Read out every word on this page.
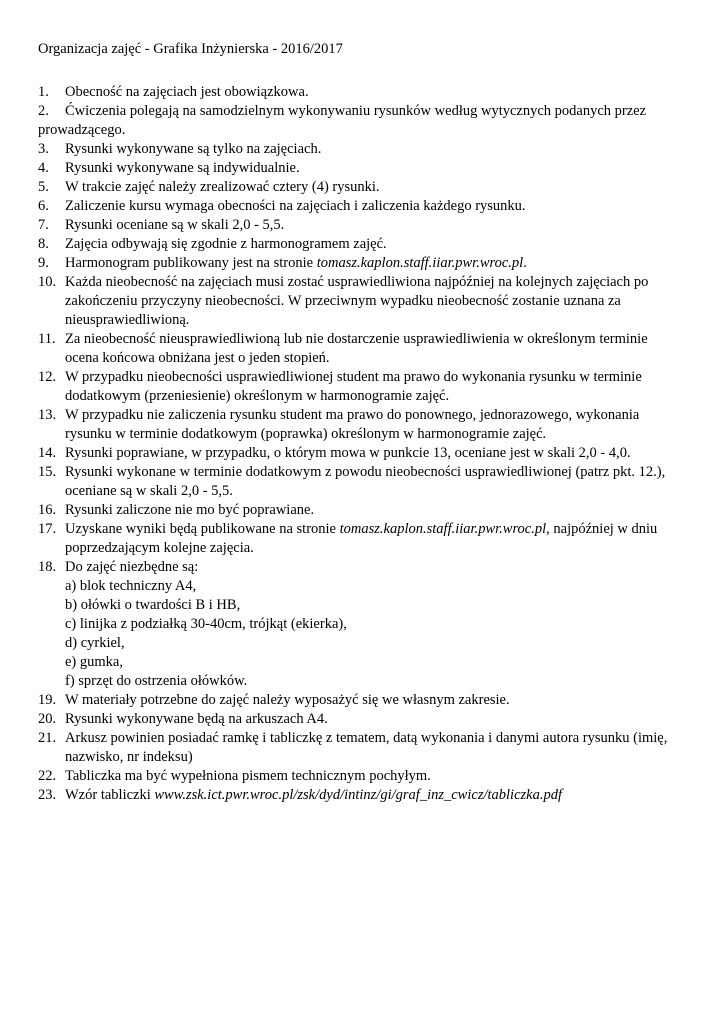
Organizacja zajęć - Grafika Inżynierska - 2016/2017
1. Obecność na zajęciach jest obowiązkowa.
2. Ćwiczenia polegają na samodzielnym wykonywaniu rysunków według wytycznych podanych przez
prowadzącego.
3. Rysunki wykonywane są tylko na zajęciach.
4. Rysunki wykonywane są indywidualnie.
5. W trakcie zajęć należy zrealizować cztery (4) rysunki.
6. Zaliczenie kursu wymaga obecności na zajęciach i zaliczenia każdego rysunku.
7. Rysunki oceniane są w skali 2,0 - 5,5.
8. Zajęcia odbywają się zgodnie z harmonogramem zajęć.
9. Harmonogram publikowany jest na stronie tomasz.kaplon.staff.iiar.pwr.wroc.pl.
10. Każda nieobecność na zajęciach musi zostać usprawiedliwiona najpóźniej na kolejnych zajęciach po
zakończeniu przyczyny nieobecności. W przeciwnym wypadku nieobecność zostanie uznana za
nieusprawiedliwioną.
11. Za nieobecność nieusprawiedliwioną lub nie dostarczenie usprawiedliwienia w określonym terminie
ocena końcowa obniżana jest o jeden stopień.
12. W przypadku nieobecności usprawiedliwionej student ma prawo do wykonania rysunku w terminie
dodatkowym (przeniesienie) określonym w harmonogramie zajęć.
13. W przypadku nie zaliczenia rysunku student ma prawo do ponownego, jednorazowego, wykonania
rysunku w terminie dodatkowym (poprawka) określonym w harmonogramie zajęć.
14. Rysunki poprawiane, w przypadku, o którym mowa w punkcie 13, oceniane jest w skali 2,0 - 4,0.
15. Rysunki wykonane w terminie dodatkowym z powodu nieobecności usprawiedliwionej (patrz pkt. 12.),
oceniane są w skali 2,0 - 5,5.
16. Rysunki zaliczone nie mo być poprawiane.
17. Uzyskane wyniki będą publikowane na stronie tomasz.kaplon.staff.iiar.pwr.wroc.pl, najpóźniej w dniu
poprzedzającym kolejne zajęcia.
18. Do zajęć niezbędne są:
a) blok techniczny A4,
b) ołówki o twardości B i HB,
c) linijka z podziałką 30-40cm, trójkąt (ekierka),
d) cyrkiel,
e) gumka,
f) sprzęt do ostrzenia ołówków.
19. W materiały potrzebne do zajęć należy wyposażyć się we własnym zakresie.
20. Rysunki wykonywane będą na arkuszach A4.
21. Arkusz powinien posiadać ramkę i tabliczkę z tematem, datą wykonania i danymi autora rysunku (imię,
nazwisko, nr indeksu)
22. Tabliczka ma być wypełniona pismem technicznym pochyłym.
23. Wzór tabliczki www.zsk.ict.pwr.wroc.pl/zsk/dyd/intinz/gi/graf_inz_cwicz/tabliczka.pdf
